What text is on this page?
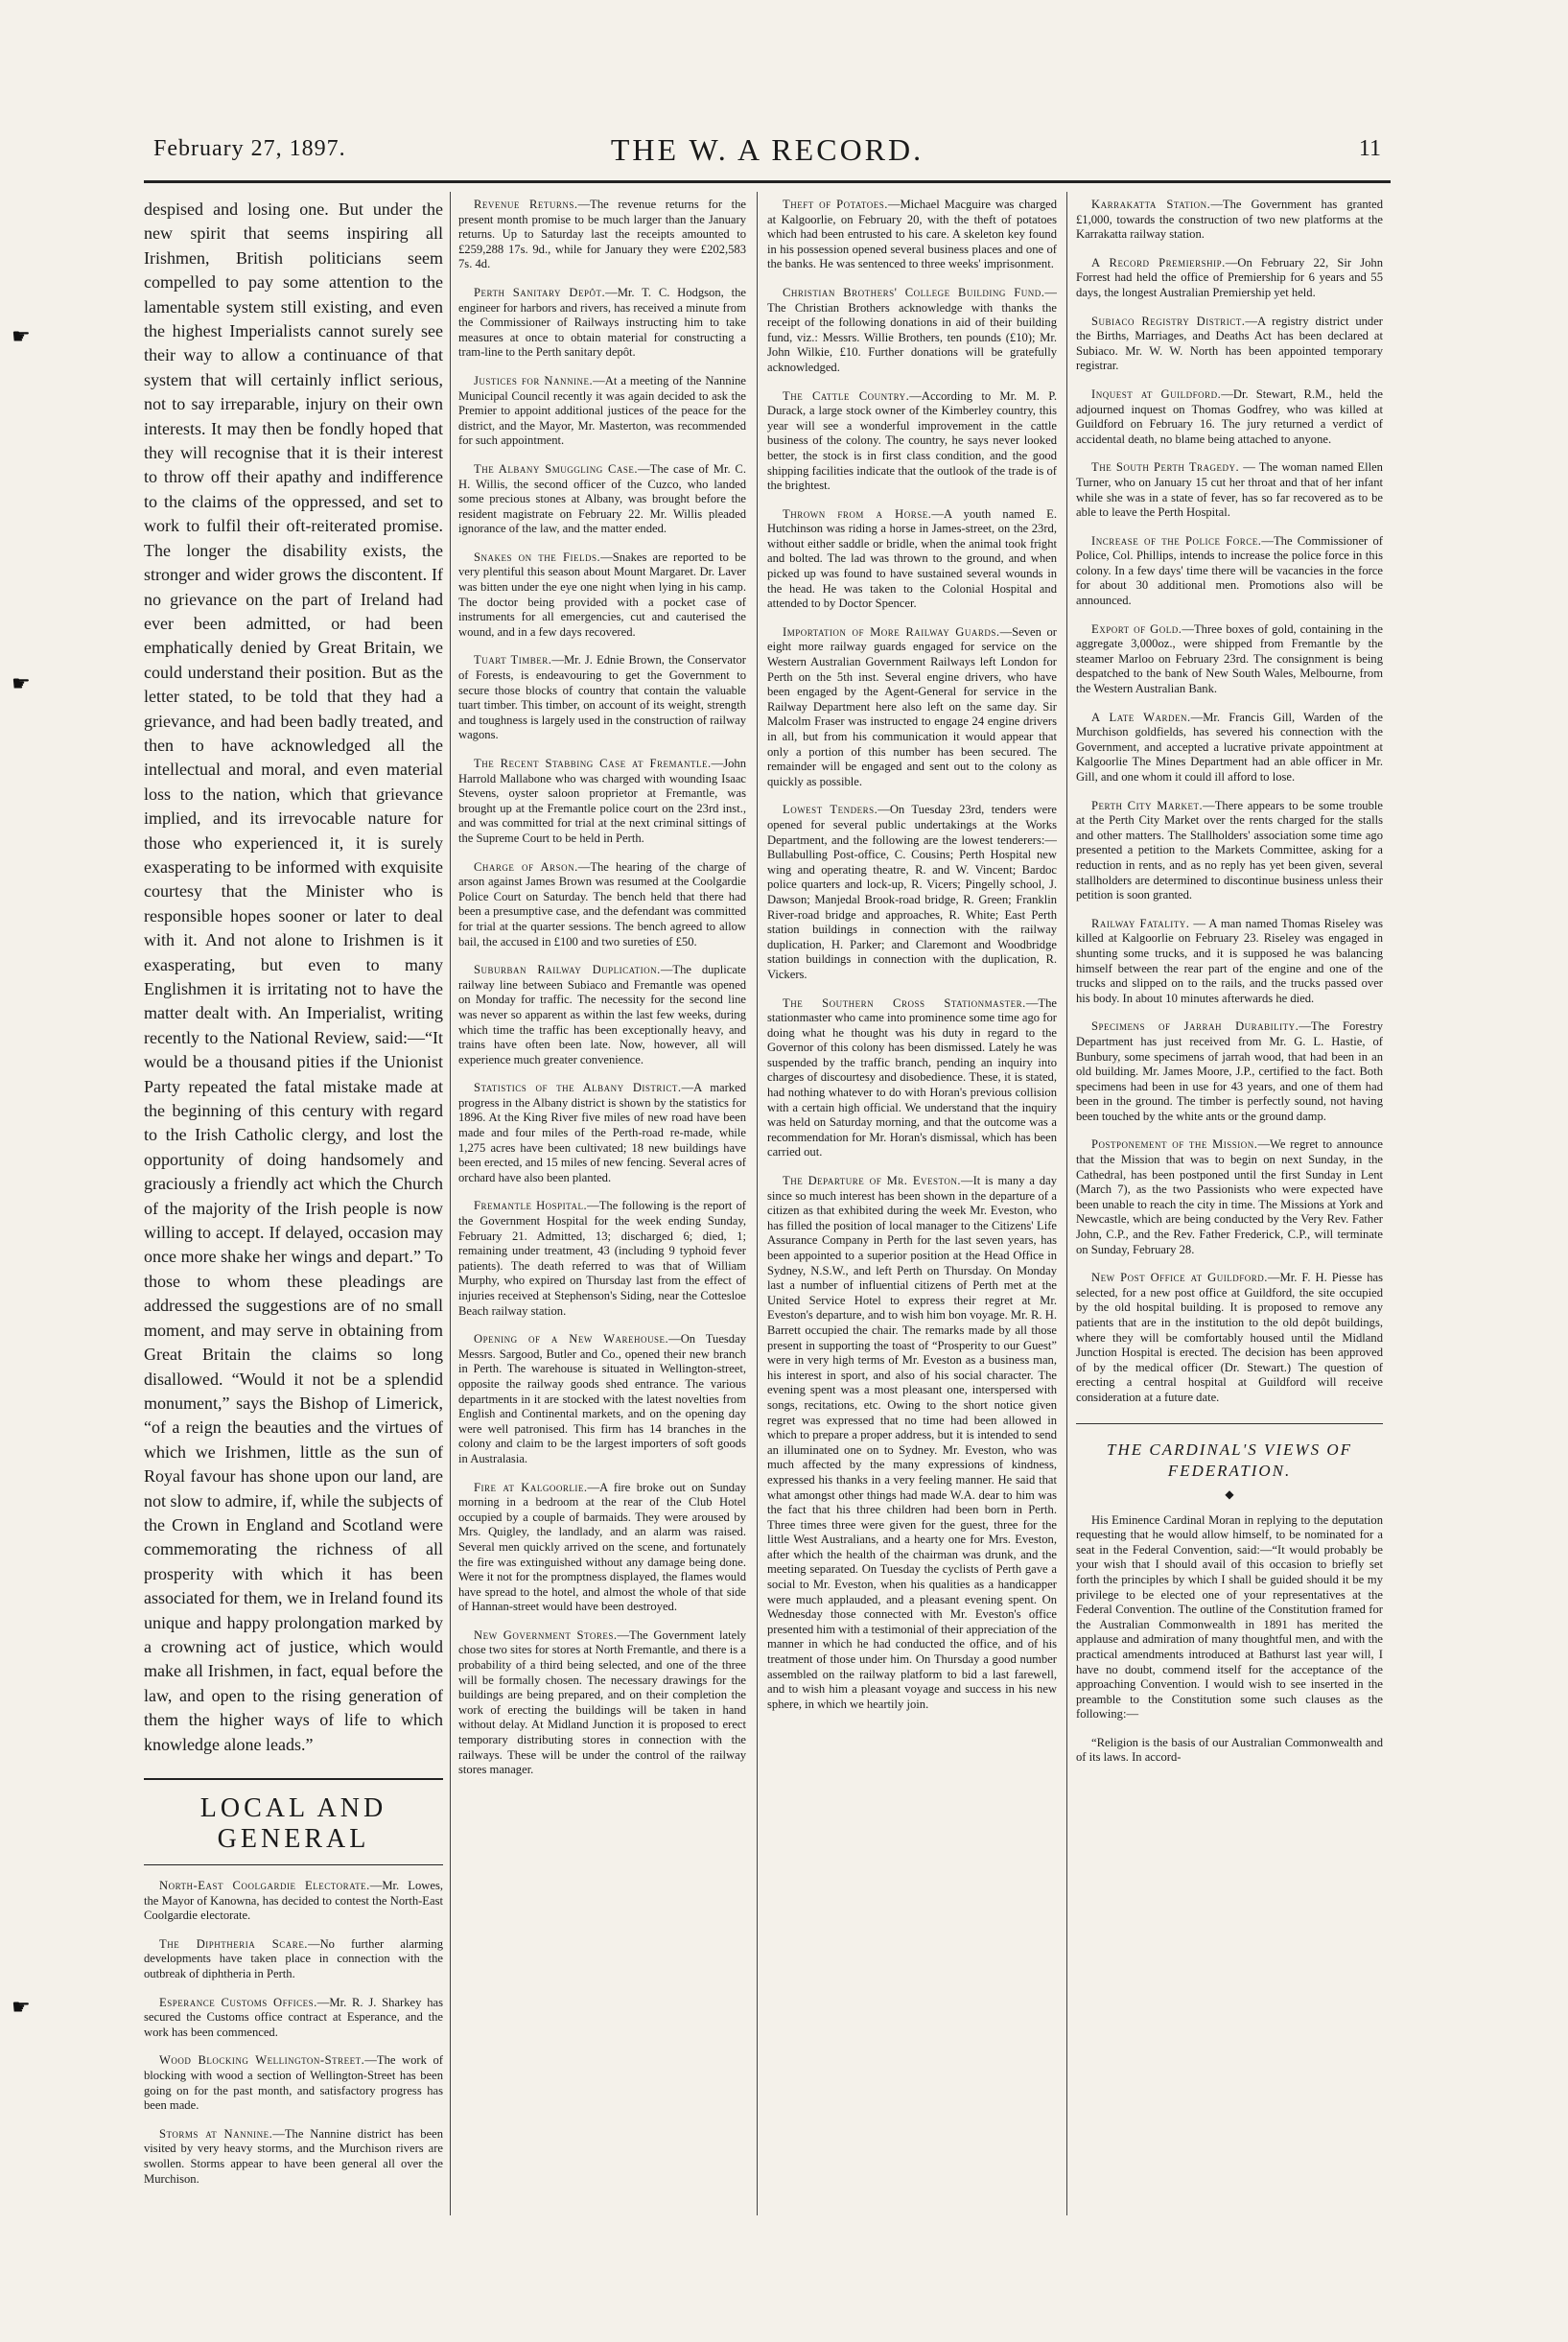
February 27, 1897.	THE W. A RECORD.	11
☛
☛
☛
despised and losing one. But under the new spirit that seems inspiring all Irishmen, British politicians seem compelled to pay some attention to the lamentable system still existing, and even the highest Imperialists cannot surely see their way to allow a continuance of that system that will certainly inflict serious, not to say irreparable, injury on their own interests. It may then be fondly hoped that they will recognise that it is their interest to throw off their apathy and indifference to the claims of the oppressed, and set to work to fulfil their oft-reiterated promise. The longer the disability exists, the stronger and wider grows the discontent. If no grievance on the part of Ireland had ever been admitted, or had been emphatically denied by Great Britain, we could understand their position. But as the letter stated, to be told that they had a grievance, and had been badly treated, and then to have acknowledged all the intellectual and moral, and even material loss to the nation, which that grievance implied, and its irrevocable nature for those who experienced it, it is surely exasperating to be informed with exquisite courtesy that the Minister who is responsible hopes sooner or later to deal with it. And not alone to Irishmen is it exasperating, but even to many Englishmen it is irritating not to have the matter dealt with. An Imperialist, writing recently to the National Review, said:—“It would be a thousand pities if the Unionist Party repeated the fatal mistake made at the beginning of this century with regard to the Irish Catholic clergy, and lost the opportunity of doing handsomely and graciously a friendly act which the Church of the majority of the Irish people is now willing to accept. If delayed, occasion may once more shake her wings and depart.” To those to whom these pleadings are addressed the suggestions are of no small moment, and may serve in obtaining from Great Britain the claims so long disallowed. “Would it not be a splendid monument,” says the Bishop of Limerick, “of a reign the beauties and the virtues of which we Irishmen, little as the sun of Royal favour has shone upon our land, are not slow to admire, if, while the subjects of the Crown in England and Scotland were commemorating the richness of all prosperity with which it has been associated for them, we in Ireland found its unique and happy prolongation marked by a crowning act of justice, which would make all Irishmen, in fact, equal before the law, and open to the rising generation of them the higher ways of life to which knowledge alone leads.”
LOCAL AND GENERAL

North-East Coolgardie Electorate.—Mr. Lowes, the Mayor of Kanowna, has decided to contest the North-East Coolgardie electorate.

The Diphtheria Scare.—No further alarming developments have taken place in connection with the outbreak of diphtheria in Perth.

Esperance Customs Offices.—Mr. R. J. Sharkey has secured the Customs office contract at Esperance, and the work has been commenced.

Wood Blocking Wellington-Street.—The work of blocking with wood a section of Wellington-Street has been going on for the past month, and satisfactory progress has been made.

Storms at Nannine.—The Nannine district has been visited by very heavy storms, and the Murchison rivers are swollen. Storms appear to have been general all over the Murchison.

Revenue Returns.—The revenue returns for the present month promise to be much larger than the January returns. Up to Saturday last the receipts amounted to £259,288 17s. 9d., while for January they were £202,583 7s. 4d.

Perth Sanitary Depôt.—Mr. T. C. Hodgson, the engineer for harbors and rivers, has received a minute from the Commissioner of Railways instructing him to take measures at once to obtain material for constructing a tram-line to the Perth sanitary depôt.

Justices for Nannine.—At a meeting of the Nannine Municipal Council recently it was again decided to ask the Premier to appoint additional justices of the peace for the district, and the Mayor, Mr. Masterton, was recommended for such appointment.

The Albany Smuggling Case.—The case of Mr. C. H. Willis, the second officer of the Cuzco, who landed some precious stones at Albany, was brought before the resident magistrate on February 22. Mr. Willis pleaded ignorance of the law, and the matter ended.

Snakes on the Fields.—Snakes are reported to be very plentiful this season about Mount Margaret. Dr. Laver was bitten under the eye one night when lying in his camp. The doctor being provided with a pocket case of instruments for all emergencies, cut and cauterised the wound, and in a few days recovered.

Tuart Timber.—Mr. J. Ednie Brown, the Conservator of Forests, is endeavouring to get the Government to secure those blocks of country that contain the valuable tuart timber. This timber, on account of its weight, strength and toughness is largely used in the construction of railway wagons.

The Recent Stabbing Case at Fremantle.—John Harrold Mallabone who was charged with wounding Isaac Stevens, oyster saloon proprietor at Fremantle, was brought up at the Fremantle police court on the 23rd inst., and was committed for trial at the next criminal sittings of the Supreme Court to be held in Perth.

Charge of Arson.—The hearing of the charge of arson against James Brown was resumed at the Coolgardie Police Court on Saturday. The bench held that there had been a presumptive case, and the defendant was committed for trial at the quarter sessions. The bench agreed to allow bail, the accused in £100 and two sureties of £50.

Suburban Railway Duplication.—The duplicate railway line between Subiaco and Fremantle was opened on Monday for traffic. The necessity for the second line was never so apparent as within the last few weeks, during which time the traffic has been exceptionally heavy, and trains have often been late. Now, however, all will experience much greater convenience.

Statistics of the Albany District.—A marked progress in the Albany district is shown by the statistics for 1896. At the King River five miles of new road have been made and four miles of the Perth-road re-made, while 1,275 acres have been cultivated; 18 new buildings have been erected, and 15 miles of new fencing. Several acres of orchard have also been planted.

Fremantle Hospital.—The following is the report of the Government Hospital for the week ending Sunday, February 21. Admitted, 13; discharged 6; died, 1; remaining under treatment, 43 (including 9 typhoid fever patients). The death referred to was that of William Murphy, who expired on Thursday last from the effect of injuries received at Stephenson's Siding, near the Cottesloe Beach railway station.

Opening of a New Warehouse.—On Tuesday Messrs. Sargood, Butler and Co., opened their new branch in Perth. The warehouse is situated in Wellington-street, opposite the railway goods shed entrance. The various departments in it are stocked with the latest novelties from English and Continental markets, and on the opening day were well patronised. This firm has 14 branches in the colony and claim to be the largest importers of soft goods in Australasia.

Fire at Kalgoorlie.—A fire broke out on Sunday morning in a bedroom at the rear of the Club Hotel occupied by a couple of barmaids. They were aroused by Mrs. Quigley, the landlady, and an alarm was raised. Several men quickly arrived on the scene, and fortunately the fire was extinguished without any damage being done. Were it not for the promptness displayed, the flames would have spread to the hotel, and almost the whole of that side of Hannan-street would have been destroyed.

New Government Stores.—The Government lately chose two sites for stores at North Fremantle, and there is a probability of a third being selected, and one of the three will be formally chosen. The necessary drawings for the buildings are being prepared, and on their completion the work of erecting the buildings will be taken in hand without delay. At Midland Junction it is proposed to erect temporary distributing stores in connection with the railways. These will be under the control of the railway stores manager.

Theft of Potatoes.—Michael Macguire was charged at Kalgoorlie, on February 20, with the theft of potatoes which had been entrusted to his care. A skeleton key found in his possession opened several business places and one of the banks. He was sentenced to three weeks' imprisonment.

Christian Brothers' College Building Fund.—The Christian Brothers acknowledge with thanks the receipt of the following donations in aid of their building fund, viz.: Messrs. Willie Brothers, ten pounds (£10); Mr. John Wilkie, £10. Further donations will be gratefully acknowledged.

The Cattle Country.—According to Mr. M. P. Durack, a large stock owner of the Kimberley country, this year will see a wonderful improvement in the cattle business of the colony. The country, he says never looked better, the stock is in first class condition, and the good shipping facilities indicate that the outlook of the trade is of the brightest.

Thrown from a Horse.—A youth named E. Hutchinson was riding a horse in James-street, on the 23rd, without either saddle or bridle, when the animal took fright and bolted. The lad was thrown to the ground, and when picked up was found to have sustained several wounds in the head. He was taken to the Colonial Hospital and attended to by Doctor Spencer.

Importation of More Railway Guards.—Seven or eight more railway guards engaged for service on the Western Australian Government Railways left London for Perth on the 5th inst. Several engine drivers, who have been engaged by the Agent-General for service in the Railway Department here also left on the same day. Sir Malcolm Fraser was instructed to engage 24 engine drivers in all, but from his communication it would appear that only a portion of this number has been secured. The remainder will be engaged and sent out to the colony as quickly as possible.

Lowest Tenders.—On Tuesday 23rd, tenders were opened for several public undertakings at the Works Department, and the following are the lowest tenderers:—Bullabulling Post-office, C. Cousins; Perth Hospital new wing and operating theatre, R. and W. Vincent; Bardoc police quarters and lock-up, R. Vicers; Pingelly school, J. Dawson; Manjedal Brook-road bridge, R. Green; Franklin River-road bridge and approaches, R. White; East Perth station buildings in connection with the railway duplication, H. Parker; and Claremont and Woodbridge station buildings in connection with the duplication, R. Vickers.

The Southern Cross Stationmaster.—The stationmaster who came into prominence some time ago for doing what he thought was his duty in regard to the Governor of this colony has been dismissed. Lately he was suspended by the traffic branch, pending an inquiry into charges of discourtesy and disobedience. These, it is stated, had nothing whatever to do with Horan's previous collision with a certain high official. We understand that the inquiry was held on Saturday morning, and that the outcome was a recommendation for Mr. Horan's dismissal, which has been carried out.

The Departure of Mr. Eveston.—It is many a day since so much interest has been shown in the departure of a citizen as that exhibited during the week Mr. Eveston, who has filled the position of local manager to the Citizens' Life Assurance Company in Perth for the last seven years, has been appointed to a superior position at the Head Office in Sydney, N.S.W., and left Perth on Thursday. On Monday last a number of influential citizens of Perth met at the United Service Hotel to express their regret at Mr. Eveston's departure, and to wish him bon voyage. Mr. R. H. Barrett occupied the chair. The remarks made by all those present in supporting the toast of “Prosperity to our Guest” were in very high terms of Mr. Eveston as a business man, his interest in sport, and also of his social character. The evening spent was a most pleasant one, interspersed with songs, recitations, etc. Owing to the short notice given regret was expressed that no time had been allowed in which to prepare a proper address, but it is intended to send an illuminated one on to Sydney. Mr. Eveston, who was much affected by the many expressions of kindness, expressed his thanks in a very feeling manner. He said that what amongst other things had made W.A. dear to him was the fact that his three children had been born in Perth. Three times three were given for the guest, three for the little West Australians, and a hearty one for Mrs. Eveston, after which the health of the chairman was drunk, and the meeting separated. On Tuesday the cyclists of Perth gave a social to Mr. Eveston, when his qualities as a handicapper were much applauded, and a pleasant evening spent. On Wednesday those connected with Mr. Eveston's office presented him with a testimonial of their appreciation of the manner in which he had conducted the office, and of his treatment of those under him. On Thursday a good number assembled on the railway platform to bid a last farewell, and to wish him a pleasant voyage and success in his new sphere, in which we heartily join.

Karrakatta Station.—The Government has granted £1,000, towards the construction of two new platforms at the Karrakatta railway station.

A Record Premiership.—On February 22, Sir John Forrest had held the office of Premiership for 6 years and 55 days, the longest Australian Premiership yet held.

Subiaco Registry District.—A registry district under the Births, Marriages, and Deaths Act has been declared at Subiaco. Mr. W. W. North has been appointed temporary registrar.

Inquest at Guildford.—Dr. Stewart, R.M., held the adjourned inquest on Thomas Godfrey, who was killed at Guildford on February 16. The jury returned a verdict of accidental death, no blame being attached to anyone.

The South Perth Tragedy. — The woman named Ellen Turner, who on January 15 cut her throat and that of her infant while she was in a state of fever, has so far recovered as to be able to leave the Perth Hospital.

Increase of the Police Force.—The Commissioner of Police, Col. Phillips, intends to increase the police force in this colony. In a few days' time there will be vacancies in the force for about 30 additional men. Promotions also will be announced.

Export of Gold.—Three boxes of gold, containing in the aggregate 3,000oz., were shipped from Fremantle by the steamer Marloo on February 23rd. The consignment is being despatched to the bank of New South Wales, Melbourne, from the Western Australian Bank.

A Late Warden.—Mr. Francis Gill, Warden of the Murchison goldfields, has severed his connection with the Government, and accepted a lucrative private appointment at Kalgoorlie The Mines Department had an able officer in Mr. Gill, and one whom it could ill afford to lose.

Perth City Market.—There appears to be some trouble at the Perth City Market over the rents charged for the stalls and other matters. The Stallholders' association some time ago presented a petition to the Markets Committee, asking for a reduction in rents, and as no reply has yet been given, several stallholders are determined to discontinue business unless their petition is soon granted.

Railway Fatality. — A man named Thomas Riseley was killed at Kalgoorlie on February 23. Riseley was engaged in shunting some trucks, and it is supposed he was balancing himself between the rear part of the engine and one of the trucks and slipped on to the rails, and the trucks passed over his body. In about 10 minutes afterwards he died.

Specimens of Jarrah Durability.—The Forestry Department has just received from Mr. G. L. Hastie, of Bunbury, some specimens of jarrah wood, that had been in an old building. Mr. James Moore, J.P., certified to the fact. Both specimens had been in use for 43 years, and one of them had been in the ground. The timber is perfectly sound, not having been touched by the white ants or the ground damp.

Postponement of the Mission.—We regret to announce that the Mission that was to begin on next Sunday, in the Cathedral, has been postponed until the first Sunday in Lent (March 7), as the two Passionists who were expected have been unable to reach the city in time. The Missions at York and Newcastle, which are being conducted by the Very Rev. Father John, C.P., and the Rev. Father Frederick, C.P., will terminate on Sunday, February 28.

New Post Office at Guildford.—Mr. F. H. Piesse has selected, for a new post office at Guildford, the site occupied by the old hospital building. It is proposed to remove any patients that are in the institution to the old depôt buildings, where they will be comfortably housed until the Midland Junction Hospital is erected. The decision has been approved of by the medical officer (Dr. Stewart.) The question of erecting a central hospital at Guildford will receive consideration at a future date.

THE CARDINAL'S VIEWS OF FEDERATION.
◆

His Eminence Cardinal Moran in replying to the deputation requesting that he would allow himself, to be nominated for a seat in the Federal Convention, said:—“It would probably be your wish that I should avail of this occasion to briefly set forth the principles by which I shall be guided should it be my privilege to be elected one of your representatives at the Federal Convention. The outline of the Constitution framed for the Australian Commonwealth in 1891 has merited the applause and admiration of many thoughtful men, and with the practical amendments introduced at Bathurst last year will, I have no doubt, commend itself for the acceptance of the approaching Convention. I would wish to see inserted in the preamble to the Constitution some such clauses as the following:—

“Religion is the basis of our Australian Commonwealth and of its laws. In accord-
